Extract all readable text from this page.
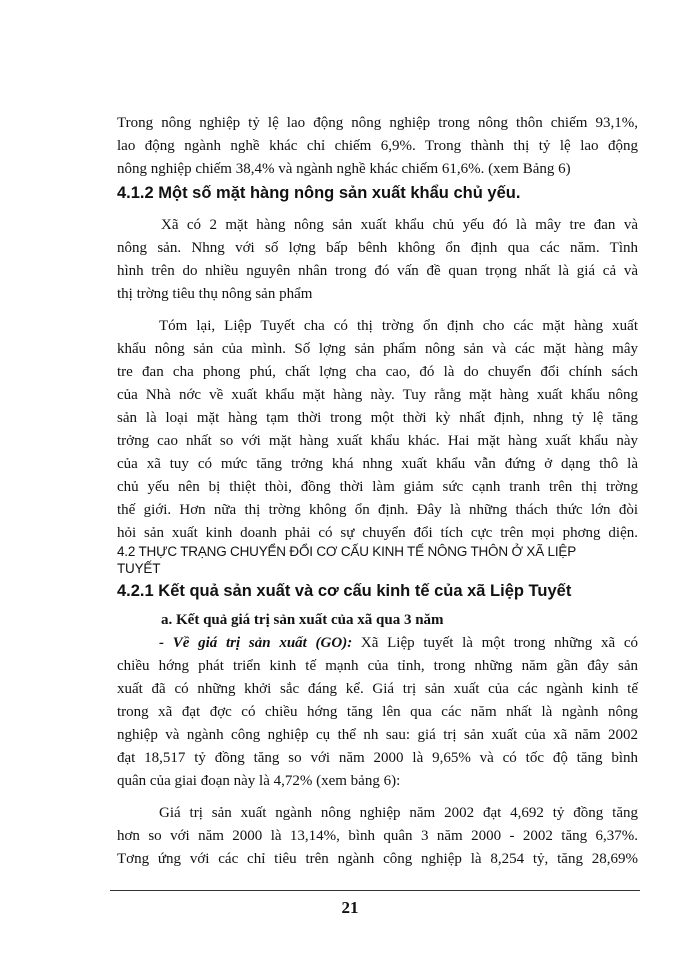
Trong nông nghiệp tỷ lệ lao động nông nghiệp trong nông thôn chiếm 93,1%,
lao động ngành nghề khác chỉ chiếm 6,9%. Trong thành thị tỷ lệ lao động
nông nghiệp chiếm 38,4% và ngành nghề khác chiếm 61,6%. (xem Bảng 6)
4.1.2 Một số mặt hàng nông sản xuất khẩu chủ yếu.
Xã có 2 mặt hàng nông sản xuất khẩu chủ yếu đó là mây tre đan và
nông sản. Nhng với số lợng bấp bênh không ổn định qua các năm. Tình
hình trên do nhiều nguyên nhân trong đó vấn đề quan trọng nhất là giá cả và
thị trờng tiêu thụ nông sản phẩm
Tóm lại, Liệp Tuyết cha có thị trờng ổn định cho các mặt hàng xuất
khẩu nông sản của mình. Số lợng sản phẩm nông sản và các mặt hàng mây
tre đan cha phong phú, chất lợng cha cao, đó là do chuyển đổi chính sách
của Nhà nớc về xuất khẩu mặt hàng này. Tuy rằng mặt hàng xuất khẩu nông
sản là loại mặt hàng tạm thời trong một thời kỳ nhất định, nhng tỷ lệ tăng
trởng cao nhất so với mặt hàng xuất khẩu khác. Hai mặt hàng xuất khẩu này
của xã tuy có mức tăng trởng khá nhng xuất khẩu vẫn đứng ở dạng thô là
chủ yếu nên bị thiệt thòi, đồng thời làm giảm sức cạnh tranh trên thị trờng
thế giới. Hơn nữa thị trờng không ổn định. Đây là những thách thức lớn đòi
hỏi sản xuất kinh doanh phải có sự chuyển đổi tích cực trên mọi phơng diện.
4.2 THỰC TRẠNG CHUYỂN ĐỔI CƠ CẤU KINH TẾ NÔNG THÔN Ở XÃ LIỆP
TUYẾT
4.2.1 Kết quả sản xuất và cơ cấu kinh tế của xã Liệp Tuyết
a. Kết quả giá trị sản xuất của xã qua 3 năm
- Về giá trị sản xuất (GO): Xã Liệp tuyết là một trong những xã có
chiều hớng phát triển kinh tế mạnh của tỉnh, trong những năm gần đây sản
xuất đã có những khởi sắc đáng kể. Giá trị sản xuất của các ngành kinh tế
trong xã đạt đợc có chiều hớng tăng lên qua các năm nhất là ngành nông
nghiệp và ngành công nghiệp cụ thể nh sau: giá trị sản xuất của xã năm 2002
đạt 18,517 tỷ đồng tăng so với năm 2000 là 9,65% và có tốc độ tăng bình
quân của giai đoạn này là 4,72% (xem bảng 6):
Giá trị sản xuất ngành nông nghiệp năm 2002 đạt 4,692 tỷ đồng tăng
hơn so với năm 2000 là 13,14%, bình quân 3 năm 2000 - 2002 tăng 6,37%.
Tơng ứng với các chỉ tiêu trên ngành công nghiệp là 8,254 tỷ, tăng 28,69%
21
